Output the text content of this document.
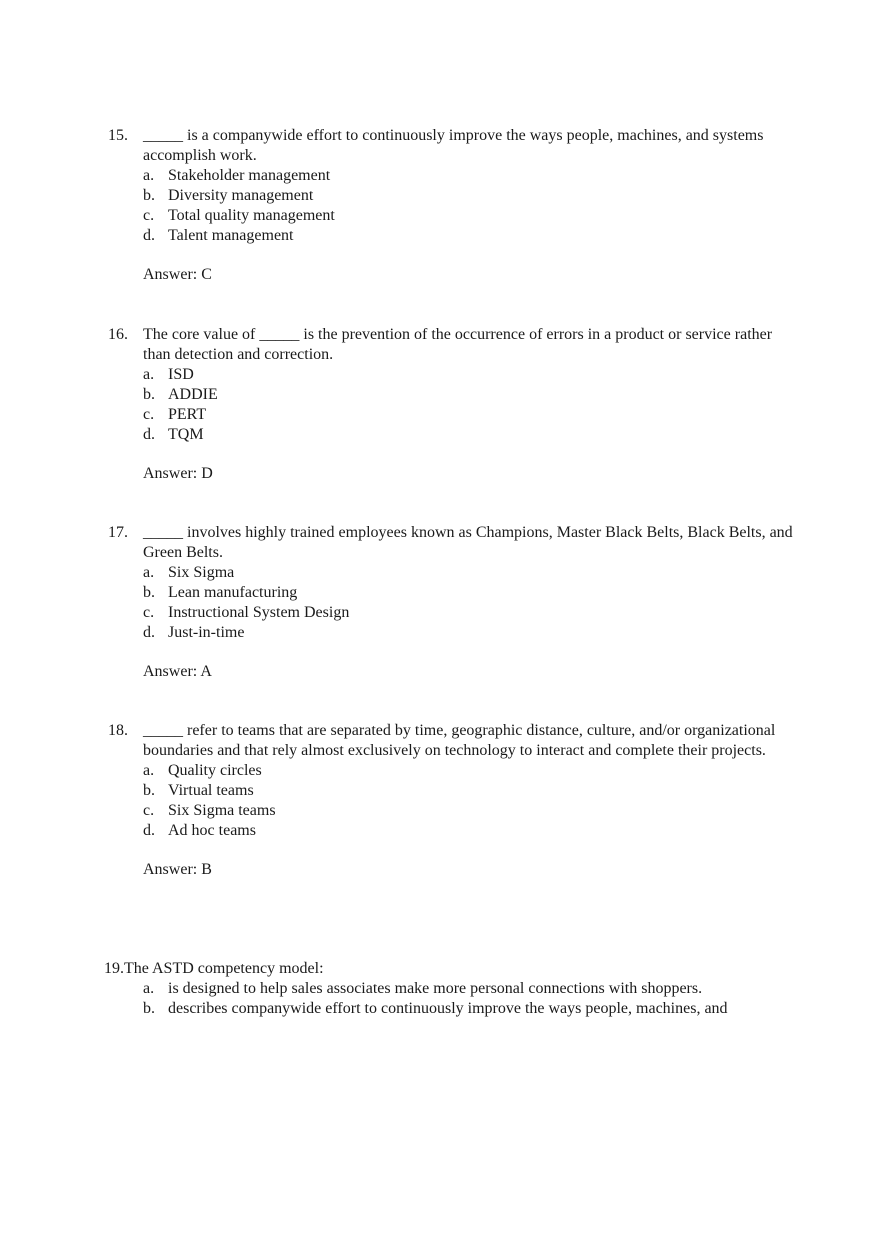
15. _____ is a companywide effort to continuously improve the ways people, machines, and systems accomplish work.
a. Stakeholder management
b. Diversity management
c. Total quality management
d. Talent management
Answer: C
16. The core value of _____ is the prevention of the occurrence of errors in a product or service rather than detection and correction.
a. ISD
b. ADDIE
c. PERT
d. TQM
Answer: D
17. _____ involves highly trained employees known as Champions, Master Black Belts, Black Belts, and Green Belts.
a. Six Sigma
b. Lean manufacturing
c. Instructional System Design
d. Just-in-time
Answer: A
18. _____ refer to teams that are separated by time, geographic distance, culture, and/or organizational boundaries and that rely almost exclusively on technology to interact and complete their projects.
a. Quality circles
b. Virtual teams
c. Six Sigma teams
d. Ad hoc teams
Answer: B
19.The ASTD competency model:
a. is designed to help sales associates make more personal connections with shoppers.
b. describes companywide effort to continuously improve the ways people, machines, and
